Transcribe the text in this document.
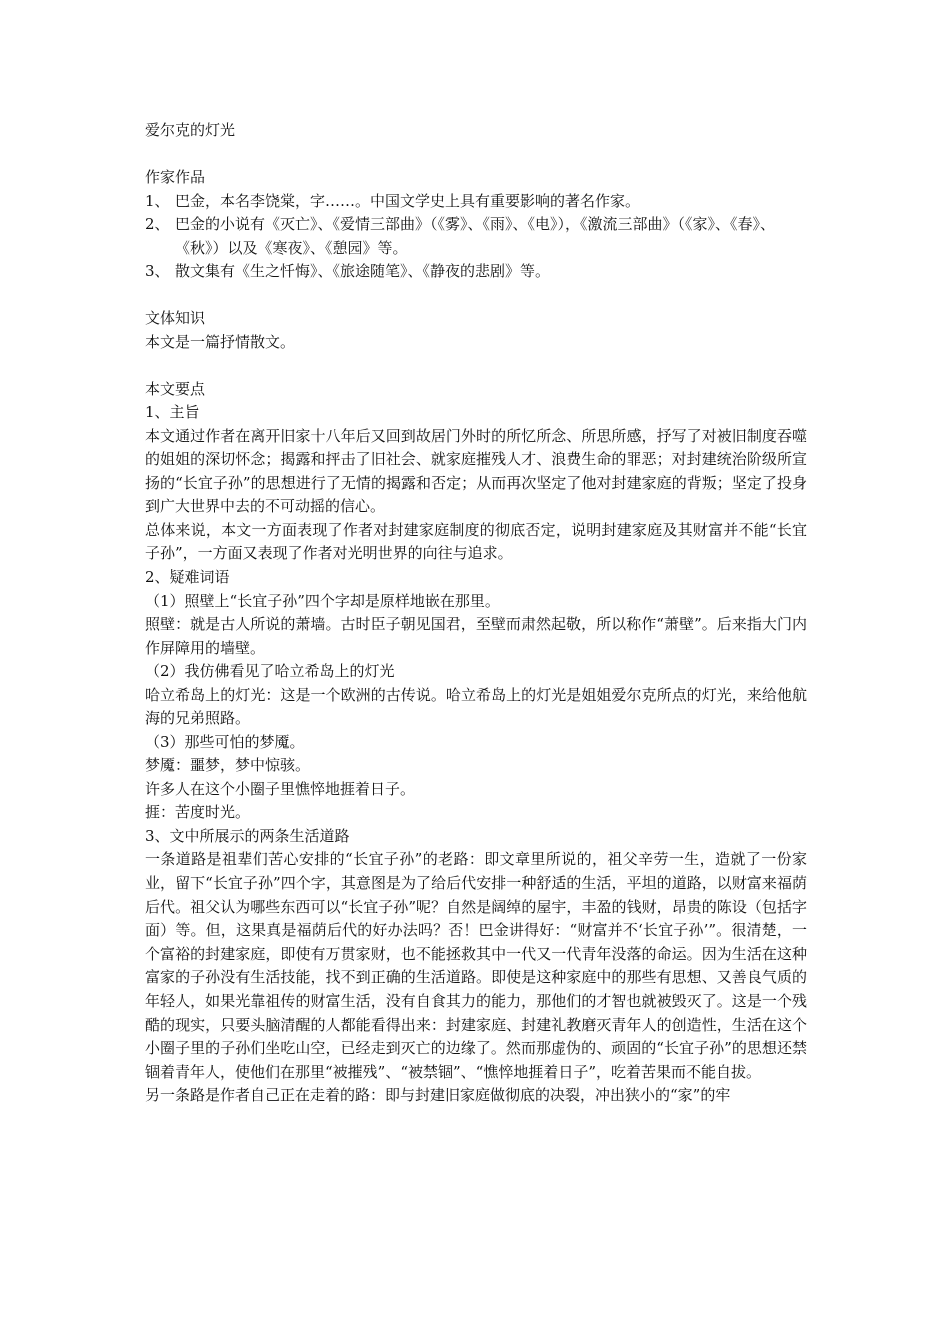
爱尔克的灯光
作家作品
1、 巴金，本名李饶棠，字……。中国文学史上具有重要影响的著名作家。
2、 巴金的小说有《灭亡》、《爱情三部曲》（《雾》、《雨》、《电》），《激流三部曲》（《家》、《春》、
《秋》）以及《寒夜》、《憩园》等。
3、 散文集有《生之忏悔》、《旅途随笔》、《静夜的悲剧》等。
文体知识
本文是一篇抒情散文。
本文要点
1、主旨
本文通过作者在离开旧家十八年后又回到故居门外时的所忆所念、所思所感，抒写了对被旧制度吞噬的姐姐的深切怀念；揭露和抨击了旧社会、就家庭摧残人才、浪费生命的罪恶；对封建统治阶级所宣扬的“长宜子孙”的思想进行了无情的揭露和否定；从而再次坚定了他对封建家庭的背叛；坚定了投身到广大世界中去的不可动摇的信心。
总体来说，本文一方面表现了作者对封建家庭制度的彻底否定，说明封建家庭及其财富并不能“长宜子孙”，一方面又表现了作者对光明世界的向往与追求。
2、疑难词语
（1）照壁上“长宜子孙”四个字却是原样地嵌在那里。
照壁：就是古人所说的萧墙。古时臣子朝见国君，至壁而肃然起敬，所以称作“萧壁”。后来指大门内作屏障用的墙壁。
（2）我仿佛看见了哈立希岛上的灯光
哈立希岛上的灯光：这是一个欧洲的古传说。哈立希岛上的灯光是姐姐爱尔克所点的灯光，来给他航海的兄弟照路。
（3）那些可怕的梦魇。
梦魇：噩梦，梦中惊骇。
许多人在这个小圈子里憔悴地捱着日子。
捱：苦度时光。
3、文中所展示的两条生活道路
一条道路是祖辈们苦心安排的“长宜子孙”的老路：即文章里所说的，祖父辛劳一生，造就了一份家业，留下“长宜子孙”四个字，其意图是为了给后代安排一种舒适的生活，平坦的道路，以财富来福荫后代。祖父认为哪些东西可以“长宜子孙”呢？自然是阔绰的屋宇，丰盈的钱财，昂贵的陈设（包括字面）等。但，这果真是福荫后代的好办法吗？否！巴金讲得好：“财富并不‘长宜子孙’”。很清楚，一个富裕的封建家庭，即使有万贯家财，也不能拯救其中一代又一代青年没落的命运。因为生活在这种富家的子孙没有生活技能，找不到正确的生活道路。即使是这种家庭中的那些有思想、又善良气质的年轻人，如果光靠祖传的财富生活，没有自食其力的能力，那他们的才智也就被毁灭了。这是一个残酷的现实，只要头脑清醒的人都能看得出来：封建家庭、封建礼教磨灭青年人的创造性，生活在这个小圈子里的子孙们坐吃山空，已经走到灭亡的边缘了。然而那虚伪的、顽固的“长宜子孙”的思想还禁锢着青年人，使他们在那里“被摧残”、“被禁锢”、“憔悴地捱着日子”，吃着苦果而不能自拔。
另一条路是作者自己正在走着的路：即与封建旧家庭做彻底的决裂，冲出狭小的“家”的牢
